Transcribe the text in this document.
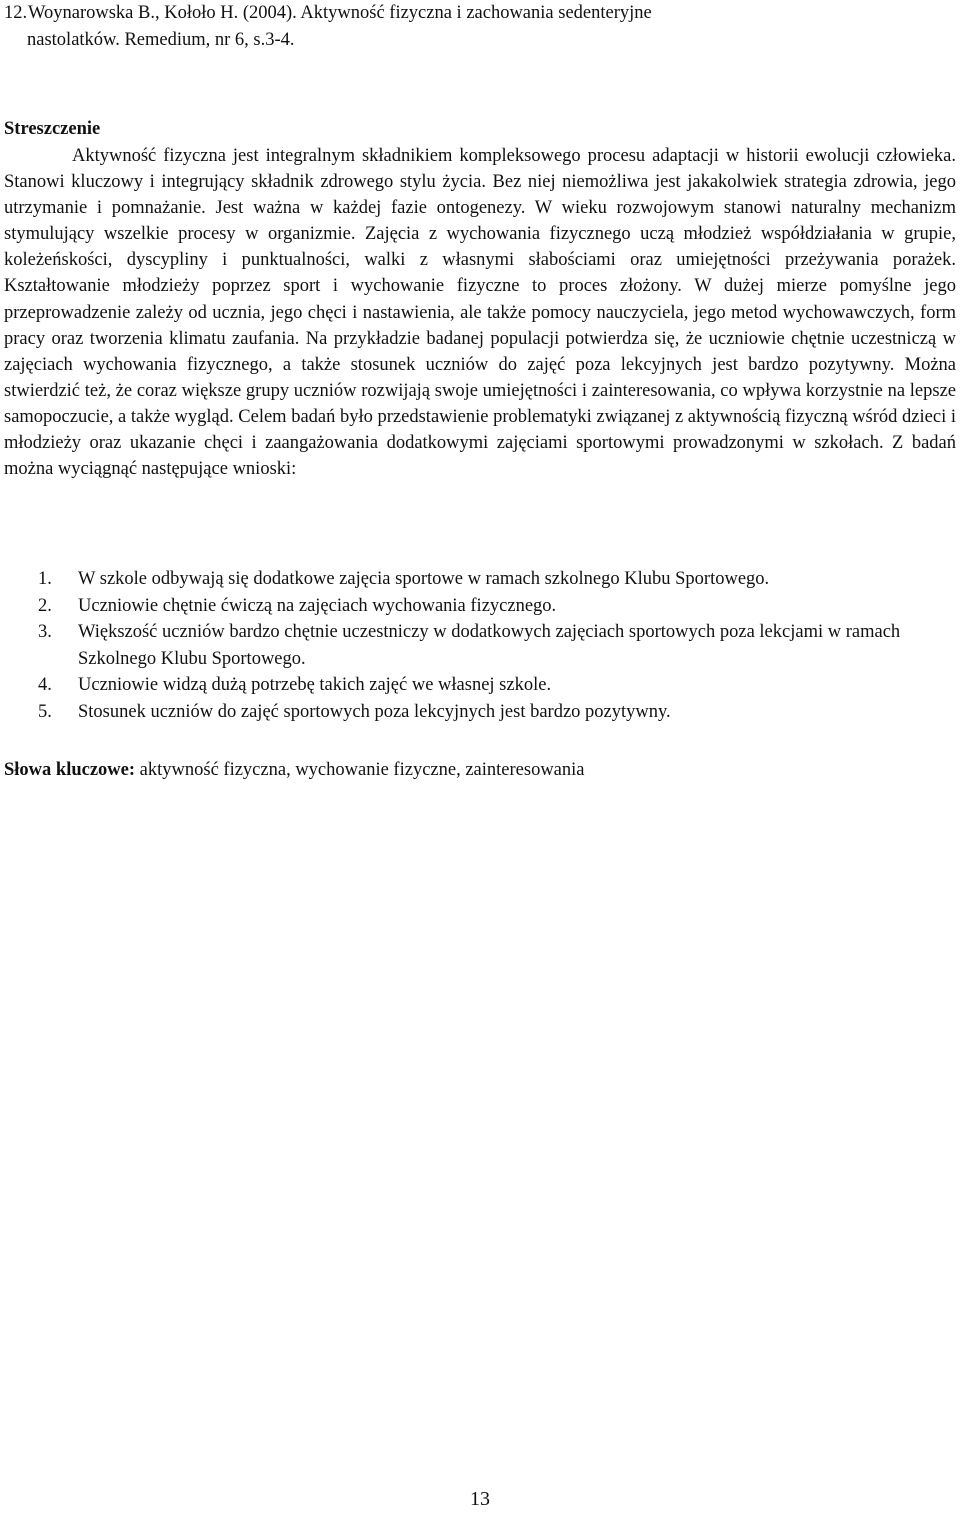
12.Woynarowska B., Kołoło H. (2004). Aktywność fizyczna i zachowania sedenteryjne
nastolatków. Remedium, nr 6, s.3-4.
Streszczenie

Aktywność fizyczna jest integralnym składnikiem kompleksowego procesu adaptacji w historii ewolucji człowieka. Stanowi kluczowy i integrujący składnik zdrowego stylu życia. Bez niej niemożliwa jest jakakolwiek strategia zdrowia, jego utrzymanie i pomnażanie. Jest ważna w każdej fazie ontogenezy. W wieku rozwojowym stanowi naturalny mechanizm stymulujący wszelkie procesy w organizmie. Zajęcia z wychowania fizycznego uczą młodzież współdziałania w grupie, koleżeńskości, dyscypliny i punktualności, walki z własnymi słabościami oraz umiejętności przeżywania porażek. Kształtowanie młodzieży poprzez sport i wychowanie fizyczne to proces złożony. W dużej mierze pomyślne jego przeprowadzenie zależy od ucznia, jego chęci i nastawienia, ale także pomocy nauczyciela, jego metod wychowawczych, form pracy oraz tworzenia klimatu zaufania. Na przykładzie badanej populacji potwierdza się, że uczniowie chętnie uczestniczą w zajęciach wychowania fizycznego, a także stosunek uczniów do zajęć poza lekcyjnych jest bardzo pozytywny. Można stwierdzić też, że coraz większe grupy uczniów rozwijają swoje umiejętności i zainteresowania, co wpływa korzystnie na lepsze samopoczucie, a także wygląd. Celem badań było przedstawienie problematyki związanej z aktywnością fizyczną wśród dzieci i młodzieży oraz ukazanie chęci i zaangażowania dodatkowymi zajęciami sportowymi prowadzonymi w szkołach. Z badań można wyciągnąć następujące wnioski:

1. W szkole odbywają się dodatkowe zajęcia sportowe w ramach szkolnego Klubu Sportowego.
2. Uczniowie chętnie ćwiczą na zajęciach wychowania fizycznego.
3. Większość uczniów bardzo chętnie uczestniczy w dodatkowych zajęciach sportowych poza lekcjami w ramach Szkolnego Klubu Sportowego.
4. Uczniowie widzą dużą potrzebę takich zajęć we własnej szkole.
5. Stosunek uczniów do zajęć sportowych poza lekcyjnych jest bardzo pozytywny.
Słowa kluczowe: aktywność fizyczna, wychowanie fizyczne, zainteresowania
13
